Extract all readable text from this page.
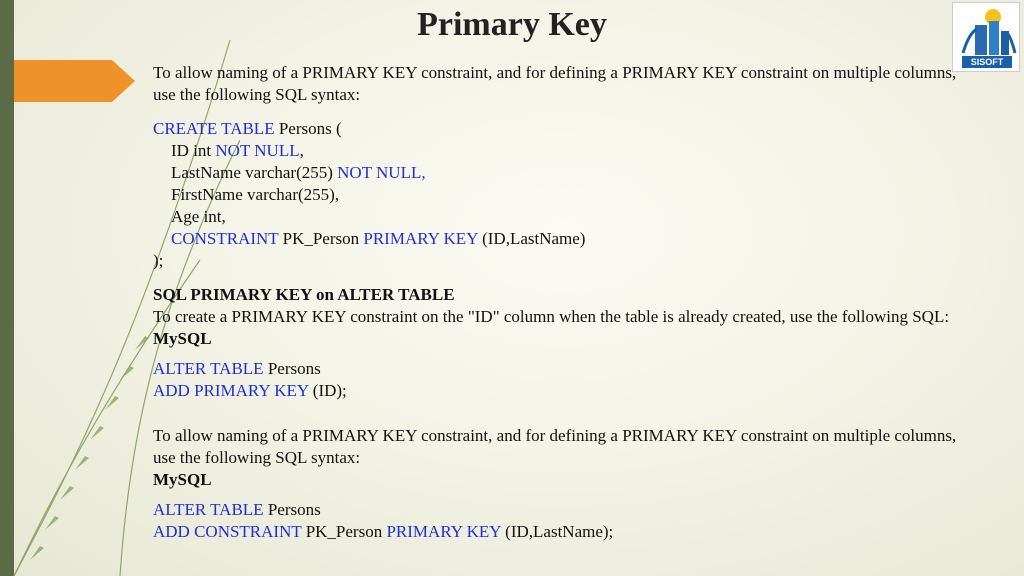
Primary Key
SISOFT

To allow naming of a PRIMARY KEY constraint, and for defining a PRIMARY KEY constraint on multiple columns, use the following SQL syntax:

CREATE TABLE Persons (
ID int NOT NULL,
LastName varchar(255) NOT NULL,
FirstName varchar(255),
Age int,
CONSTRAINT PK_Person PRIMARY KEY (ID,LastName)
);
SQL PRIMARY KEY on ALTER TABLE

To create a PRIMARY KEY constraint on the "ID" column when the table is already created, use the following SQL:

MySQL
ALTER TABLE Persons
ADD PRIMARY KEY (ID);

To allow naming of a PRIMARY KEY constraint, and for defining a PRIMARY KEY constraint on multiple columns, use the following SQL syntax:

MySQL
ALTER TABLE Persons
ADD CONSTRAINT PK_Person PRIMARY KEY (ID,LastName);
